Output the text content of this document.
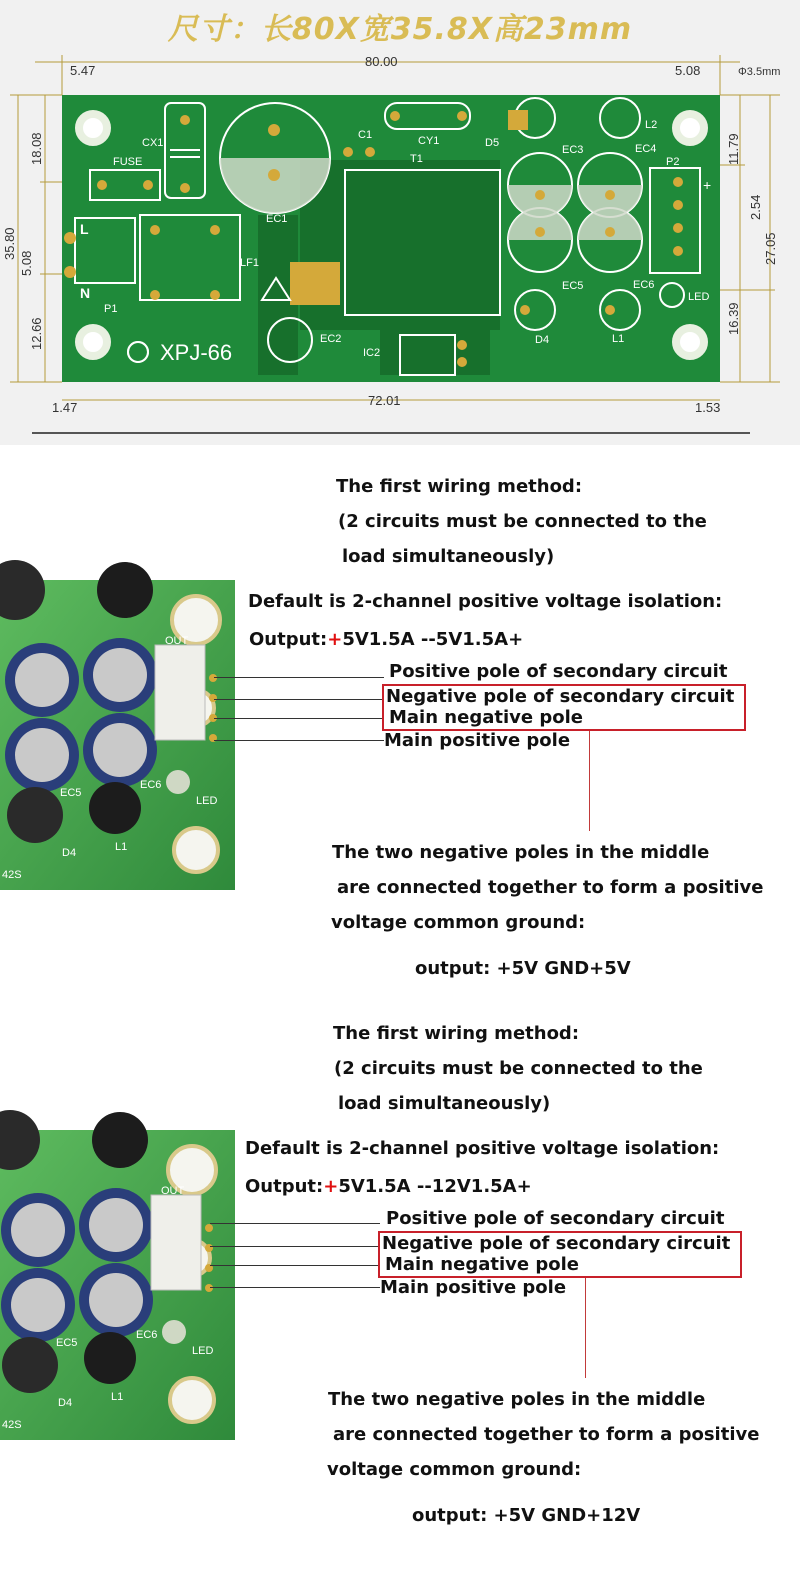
尺寸：长80X宽35.8X高23mm
5.47
80.00
5.08	Φ3.5mm
1.47	72.01	1.53
35.80
18.08
5.08
12.66
11.79
2.54
27.05
16.39
CX1
FUSE
C1	CY1
T1
D5
EC3	EC4
L2
P2
EC1
LF1
P1
EC5	EC6
LED
D4	L1
EC2
IC2
L
N
+
XPJ-66
OUT
EC5
EC6
LED
D4	L1
42S
The first wiring method:
(2 circuits must be connected to the
load simultaneously)
Default is 2-channel positive voltage isolation:
Output:+5V1.5A --5V1.5A+
Positive pole of secondary circuit
Negative pole of secondary circuit
Main negative pole
Main positive pole
The two negative poles in the middle
are connected together to form a positive
voltage common ground:
output: +5V GND+5V
OUT
EC5
EC6
LED
D4	L1
42S
The first wiring method:
(2 circuits must be connected to the
load simultaneously)
Default is 2-channel positive voltage isolation:
Output:+5V1.5A --12V1.5A+
Positive pole of secondary circuit
Negative pole of secondary circuit
Main negative pole
Main positive pole
The two negative poles in the middle
are connected together to form a positive
voltage common ground:
output: +5V GND+12V
